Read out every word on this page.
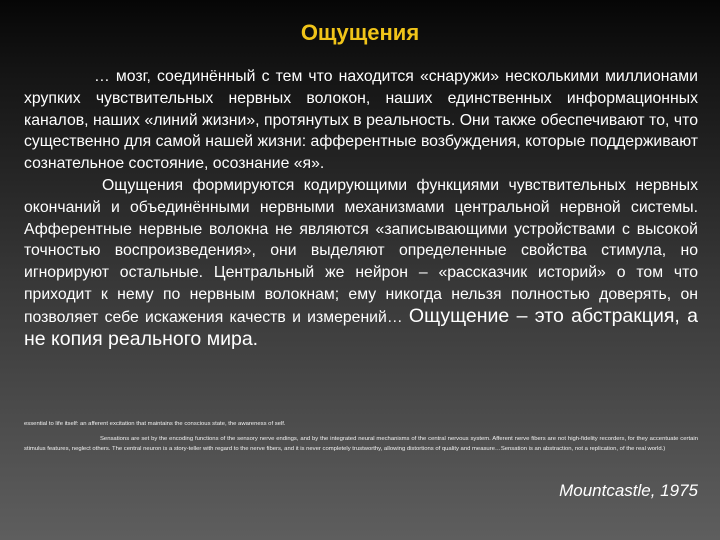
Ощущения

… мозг, соединённый с тем что находится «снаружи» несколькими миллионами хрупких чувствительных нервных волокон, наших единственных информационных каналов, наших «линий жизни», протянутых в реальность. Они также обеспечивают то, что существенно для самой нашей жизни: афферентные возбуждения, которые поддерживают сознательное состояние, осознание «я».

Ощущения формируются кодирующими функциями чувствительных нервных окончаний и объединёнными нервными механизмами центральной нервной системы. Афферентные нервные волокна не являются «записывающими устройствами с высокой точностью воспроизведения», они выделяют определенные свойства стимула, но игнорируют остальные. Центральный же нейрон – «рассказчик историй» о том что приходит к нему по нервным волокнам; ему никогда нельзя полностью доверять, он позволяет себе искажения качеств и измерений… Ощущение – это абстракция, а не копия реального мира.

essential to life itself: an afferent excitation that maintains the conscious state, the awareness of self.

Sensations are set by the encoding functions of the sensory nerve endings, and by the integrated neural mechanisms of the central nervous system. Afferent nerve fibers are not high-fidelity recorders, for they accentuate certain stimulus features, neglect others. The central neuron is a story-teller with regard to the nerve fibers, and it is never completely trustworthy, allowing distortions of quality and measure…Sensation is an abstraction, not a replication, of the real world.)

Mountcastle, 1975
